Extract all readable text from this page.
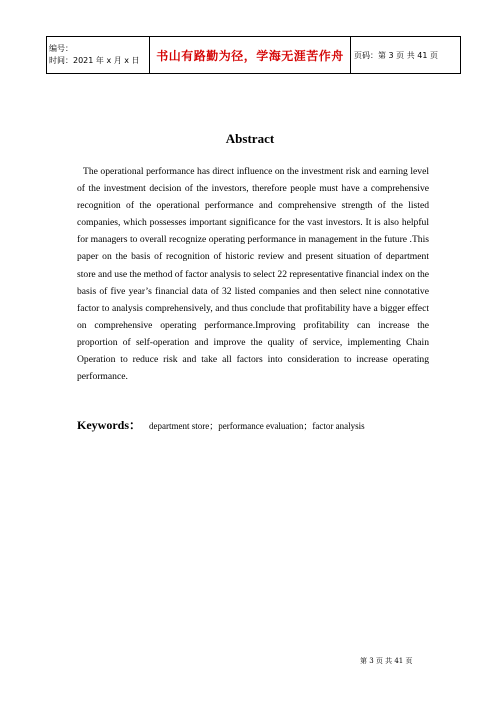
编号：
时间：2021 年 x 月 x 日	书山有路勤为径，学海无涯苦作舟	页码：第 3 页 共 41 页
Abstract

The operational performance has direct influence on the investment risk and earning level of the investment decision of the investors, therefore people must have a comprehensive recognition of the operational performance and comprehensive strength of the listed companies, which possesses important significance for the vast investors. It is also helpful for managers to overall recognize operating performance in management in the future .This paper on the basis of recognition of historic review and present situation of department store and use the method of factor analysis to select 22 representative financial index on the basis of five year’s financial data of 32 listed companies and then select nine connotative factor to analysis comprehensively, and thus conclude that profitability have a bigger effect on comprehensive operating performance.Improving profitability can increase the proportion of self-operation and improve the quality of service, implementing Chain Operation to reduce risk and take all factors into consideration to increase operating performance.

Keywords： department store；performance evaluation；factor analysis
第 3 页 共 41 页
